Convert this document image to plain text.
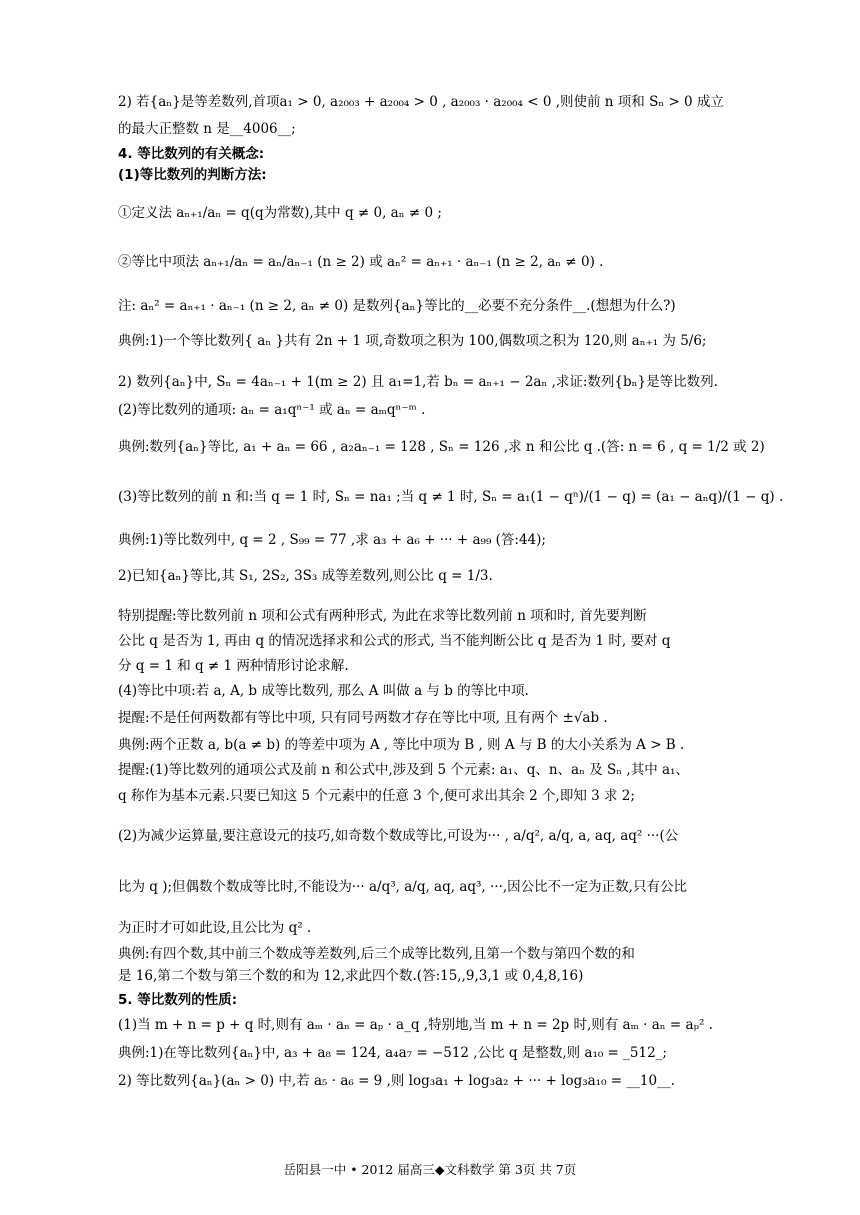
2) 若{aₙ}是等差数列,首项a₁ > 0, a₂₀₀₃ + a₂₀₀₄ > 0 , a₂₀₀₃ · a₂₀₀₄ < 0 ,则使前 n 项和 Sₙ > 0 成立
的最大正整数 n 是__4006__;
4. 等比数列的有关概念:
(1)等比数列的判断方法:
①定义法 aₙ₊₁/aₙ = q(q为常数),其中 q ≠ 0, aₙ ≠ 0 ;
②等比中项法 aₙ₊₁/aₙ = aₙ/aₙ₋₁ (n ≥ 2) 或 aₙ² = aₙ₊₁ · aₙ₋₁ (n ≥ 2, aₙ ≠ 0) .
注: aₙ² = aₙ₊₁ · aₙ₋₁ (n ≥ 2, aₙ ≠ 0) 是数列{aₙ}等比的__必要不充分条件__.(想想为什么?)
典例:1)一个等比数列{ aₙ }共有 2n + 1 项,奇数项之积为 100,偶数项之积为 120,则 aₙ₊₁ 为 5/6;
2) 数列{aₙ}中, Sₙ = 4aₙ₋₁ + 1(m ≥ 2) 且 a₁=1,若 bₙ = aₙ₊₁ − 2aₙ ,求证:数列{bₙ}是等比数列.
(2)等比数列的通项: aₙ = a₁qⁿ⁻¹ 或 aₙ = aₘqⁿ⁻ᵐ .
典例:数列{aₙ}等比, a₁ + aₙ = 66 , a₂aₙ₋₁ = 128 , Sₙ = 126 ,求 n 和公比 q .(答: n = 6 , q = 1/2 或 2)
(3)等比数列的前 n 和:当 q = 1 时, Sₙ = na₁ ;当 q ≠ 1 时, Sₙ = a₁(1 − qⁿ)/(1 − q) = (a₁ − aₙq)/(1 − q) .
典例:1)等比数列中, q = 2 , S₉₉ = 77 ,求 a₃ + a₆ + ··· + a₉₉ (答:44);
2)已知{aₙ}等比,其 S₁, 2S₂, 3S₃ 成等差数列,则公比 q = 1/3.
特别提醒:等比数列前 n 项和公式有两种形式, 为此在求等比数列前 n 项和时, 首先要判断
公比 q 是否为 1, 再由 q 的情况选择求和公式的形式, 当不能判断公比 q 是否为 1 时, 要对 q
分 q = 1 和 q ≠ 1 两种情形讨论求解.
(4)等比中项:若 a, A, b 成等比数列, 那么 A 叫做 a 与 b 的等比中项.
提醒:不是任何两数都有等比中项, 只有同号两数才存在等比中项, 且有两个 ±√ab .
典例:两个正数 a, b(a ≠ b) 的等差中项为 A , 等比中项为 B , 则 A 与 B 的大小关系为 A > B .
提醒:(1)等比数列的通项公式及前 n 和公式中,涉及到 5 个元素: a₁、q、n、aₙ 及 Sₙ ,其中 a₁、
q 称作为基本元素.只要已知这 5 个元素中的任意 3 个,便可求出其余 2 个,即知 3 求 2;
(2)为减少运算量,要注意设元的技巧,如奇数个数成等比,可设为··· , a/q², a/q, a, aq, aq² ···(公
比为 q );但偶数个数成等比时,不能设为··· a/q³, a/q, aq, aq³, ···,因公比不一定为正数,只有公比
为正时才可如此设,且公比为 q² .
典例:有四个数,其中前三个数成等差数列,后三个成等比数列,且第一个数与第四个数的和
是 16,第二个数与第三个数的和为 12,求此四个数.(答:15,,9,3,1 或 0,4,8,16)
5. 等比数列的性质:
(1)当 m + n = p + q 时,则有 aₘ · aₙ = aₚ · a_q ,特别地,当 m + n = 2p 时,则有 aₘ · aₙ = aₚ² .
典例:1)在等比数列{aₙ}中, a₃ + a₈ = 124, a₄a₇ = −512 ,公比 q 是整数,则 a₁₀ = _512_;
2) 等比数列{aₙ}(aₙ > 0) 中,若 a₅ · a₆ = 9 ,则 log₃a₁ + log₃a₂ + ··· + log₃a₁₀ = __10__.
岳阳县一中 • 2012 届高三◆文科数学 第 3页 共 7页
